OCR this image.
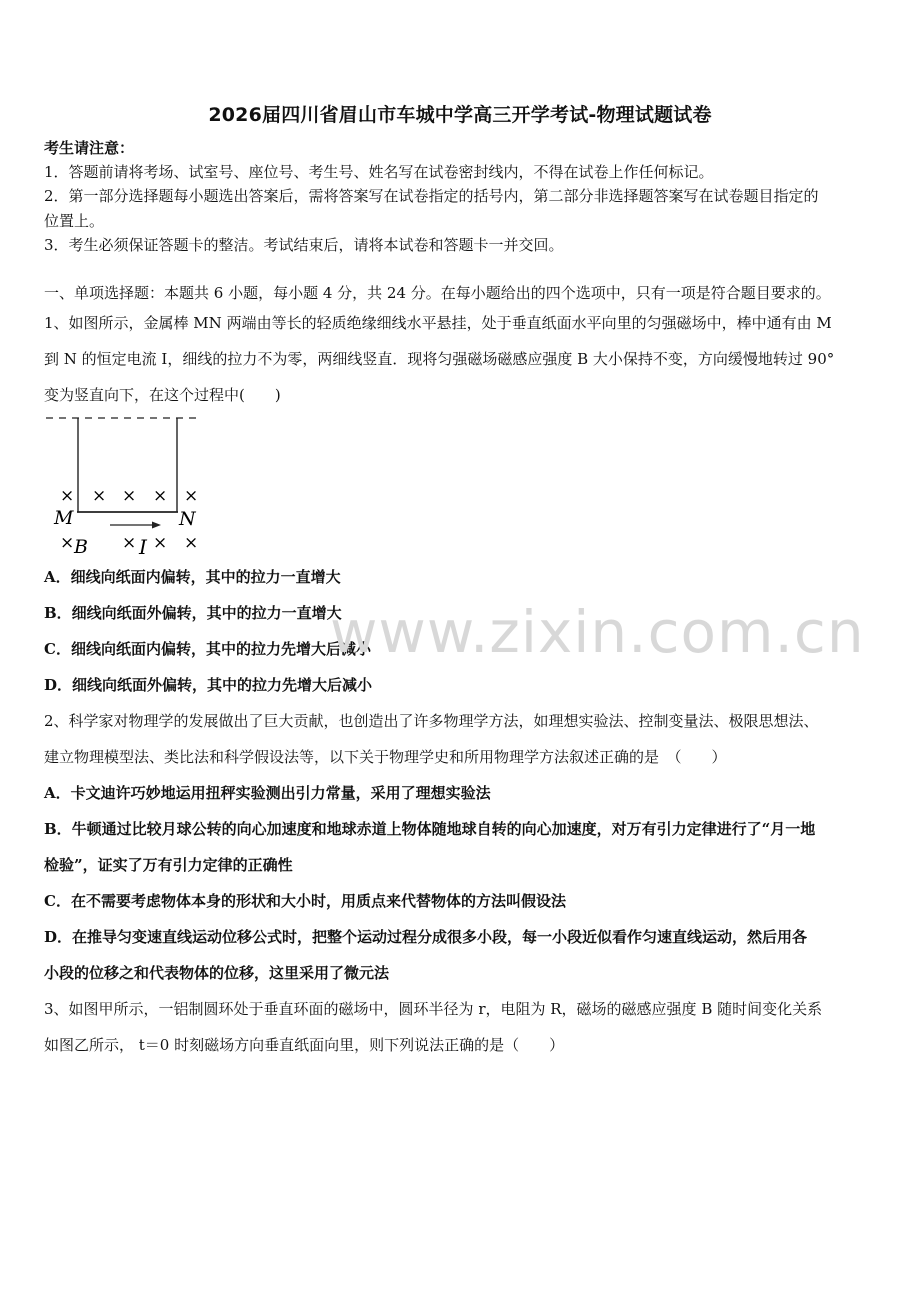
2026届四川省眉山市车城中学高三开学考试-物理试题试卷
考生请注意：
1．答题前请将考场、试室号、座位号、考生号、姓名写在试卷密封线内，不得在试卷上作任何标记。
2．第一部分选择题每小题选出答案后，需将答案写在试卷指定的括号内，第二部分非选择题答案写在试卷题目指定的
位置上。
3．考生必须保证答题卡的整洁。考试结束后，请将本试卷和答题卡一并交回。
一、单项选择题：本题共 6 小题，每小题 4 分，共 24 分。在每小题给出的四个选项中，只有一项是符合题目要求的。
1、如图所示，金属棒 MN 两端由等长的轻质绝缘细线水平悬挂，处于垂直纸面水平向里的匀强磁场中，棒中通有由 M
到 N 的恒定电流 I，细线的拉力不为零，两细线竖直．现将匀强磁场磁感应强度 B 大小保持不变，方向缓慢地转过 90°
变为竖直向下，在这个过程中(　　)
× × × × ×
M	N
× B × I × ×
A．细线向纸面内偏转，其中的拉力一直增大
B．细线向纸面外偏转，其中的拉力一直增大
C．细线向纸面内偏转，其中的拉力先增大后减小
D．细线向纸面外偏转，其中的拉力先增大后减小
www.zixin.com.cn
2、科学家对物理学的发展做出了巨大贡献，也创造出了许多物理学方法，如理想实验法、控制变量法、极限思想法、
建立物理模型法、类比法和科学假设法等，以下关于物理学史和所用物理学方法叙述正确的是　（　　）
A．卡文迪许巧妙地运用扭秤实验测出引力常量，采用了理想实验法
B．牛顿通过比较月球公转的向心加速度和地球赤道上物体随地球自转的向心加速度，对万有引力定律进行了“月一地
检验”，证实了万有引力定律的正确性
C．在不需要考虑物体本身的形状和大小时，用质点来代替物体的方法叫假设法
D．在推导匀变速直线运动位移公式时，把整个运动过程分成很多小段，每一小段近似看作匀速直线运动，然后用各
小段的位移之和代表物体的位移，这里采用了微元法
3、如图甲所示，一铝制圆环处于垂直环面的磁场中，圆环半径为 r，电阻为 R，磁场的磁感应强度 B 随时间变化关系
如图乙所示， t＝0 时刻磁场方向垂直纸面向里，则下列说法正确的是（　　）
